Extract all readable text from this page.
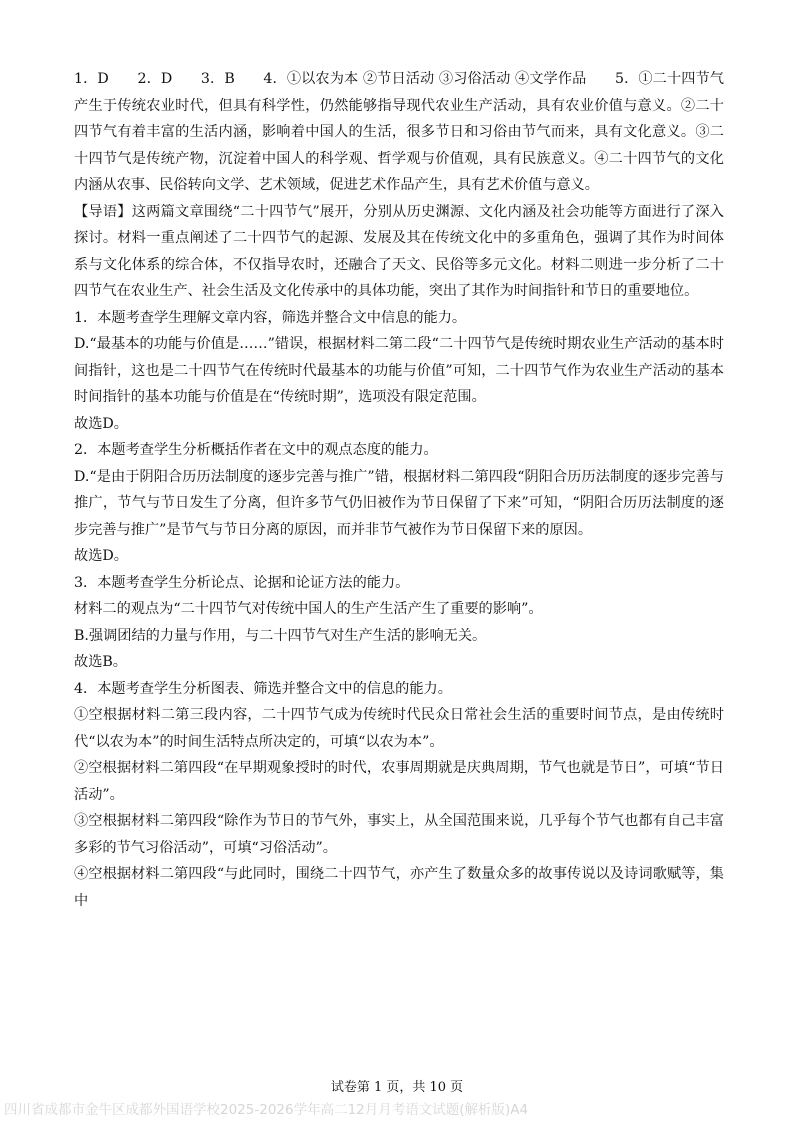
1．D　　2．D　　3．B　　4．①以农为本 ②节日活动 ③习俗活动 ④文学作品　　5．①二十四节气产生于传统农业时代，但具有科学性，仍然能够指导现代农业生产活动，具有农业价值与意义。②二十四节气有着丰富的生活内涵，影响着中国人的生活，很多节日和习俗由节气而来，具有文化意义。③二十四节气是传统产物，沉淀着中国人的科学观、哲学观与价值观，具有民族意义。④二十四节气的文化内涵从农事、民俗转向文学、艺术领域，促进艺术作品产生，具有艺术价值与意义。

【导语】这两篇文章围绕“二十四节气”展开，分别从历史渊源、文化内涵及社会功能等方面进行了深入探讨。材料一重点阐述了二十四节气的起源、发展及其在传统文化中的多重角色，强调了其作为时间体系与文化体系的综合体，不仅指导农时，还融合了天文、民俗等多元文化。材料二则进一步分析了二十四节气在农业生产、社会生活及文化传承中的具体功能，突出了其作为时间指针和节日的重要地位。

1．本题考查学生理解文章内容，筛选并整合文中信息的能力。

D.“最基本的功能与价值是……”错误，根据材料二第二段“二十四节气是传统时期农业生产活动的基本时间指针，这也是二十四节气在传统时代最基本的功能与价值”可知，二十四节气作为农业生产活动的基本时间指针的基本功能与价值是在“传统时期”，选项没有限定范围。

故选D。

2．本题考查学生分析概括作者在文中的观点态度的能力。

D.“是由于阴阳合历历法制度的逐步完善与推广”错，根据材料二第四段“阴阳合历历法制度的逐步完善与推广，节气与节日发生了分离，但许多节气仍旧被作为节日保留了下来”可知，“阴阳合历历法制度的逐步完善与推广”是节气与节日分离的原因，而并非节气被作为节日保留下来的原因。

故选D。

3．本题考查学生分析论点、论据和论证方法的能力。

材料二的观点为“二十四节气对传统中国人的生产生活产生了重要的影响”。

B.强调团结的力量与作用，与二十四节气对生产生活的影响无关。

故选B。

4．本题考查学生分析图表、筛选并整合文中的信息的能力。

①空根据材料二第三段内容，二十四节气成为传统时代民众日常社会生活的重要时间节点，是由传统时代“以农为本”的时间生活特点所决定的，可填“以农为本”。

②空根据材料二第四段“在早期观象授时的时代，农事周期就是庆典周期，节气也就是节日”，可填“节日活动”。

③空根据材料二第四段“除作为节日的节气外，事实上，从全国范围来说，几乎每个节气也都有自己丰富多彩的节气习俗活动”，可填“习俗活动”。

④空根据材料二第四段“与此同时，围绕二十四节气，亦产生了数量众多的故事传说以及诗词歌赋等，集中

试卷第 1 页，共 10 页
四川省成都市金牛区成都外国语学校2025-2026学年高二12月月考语文试题(解析版)A4
